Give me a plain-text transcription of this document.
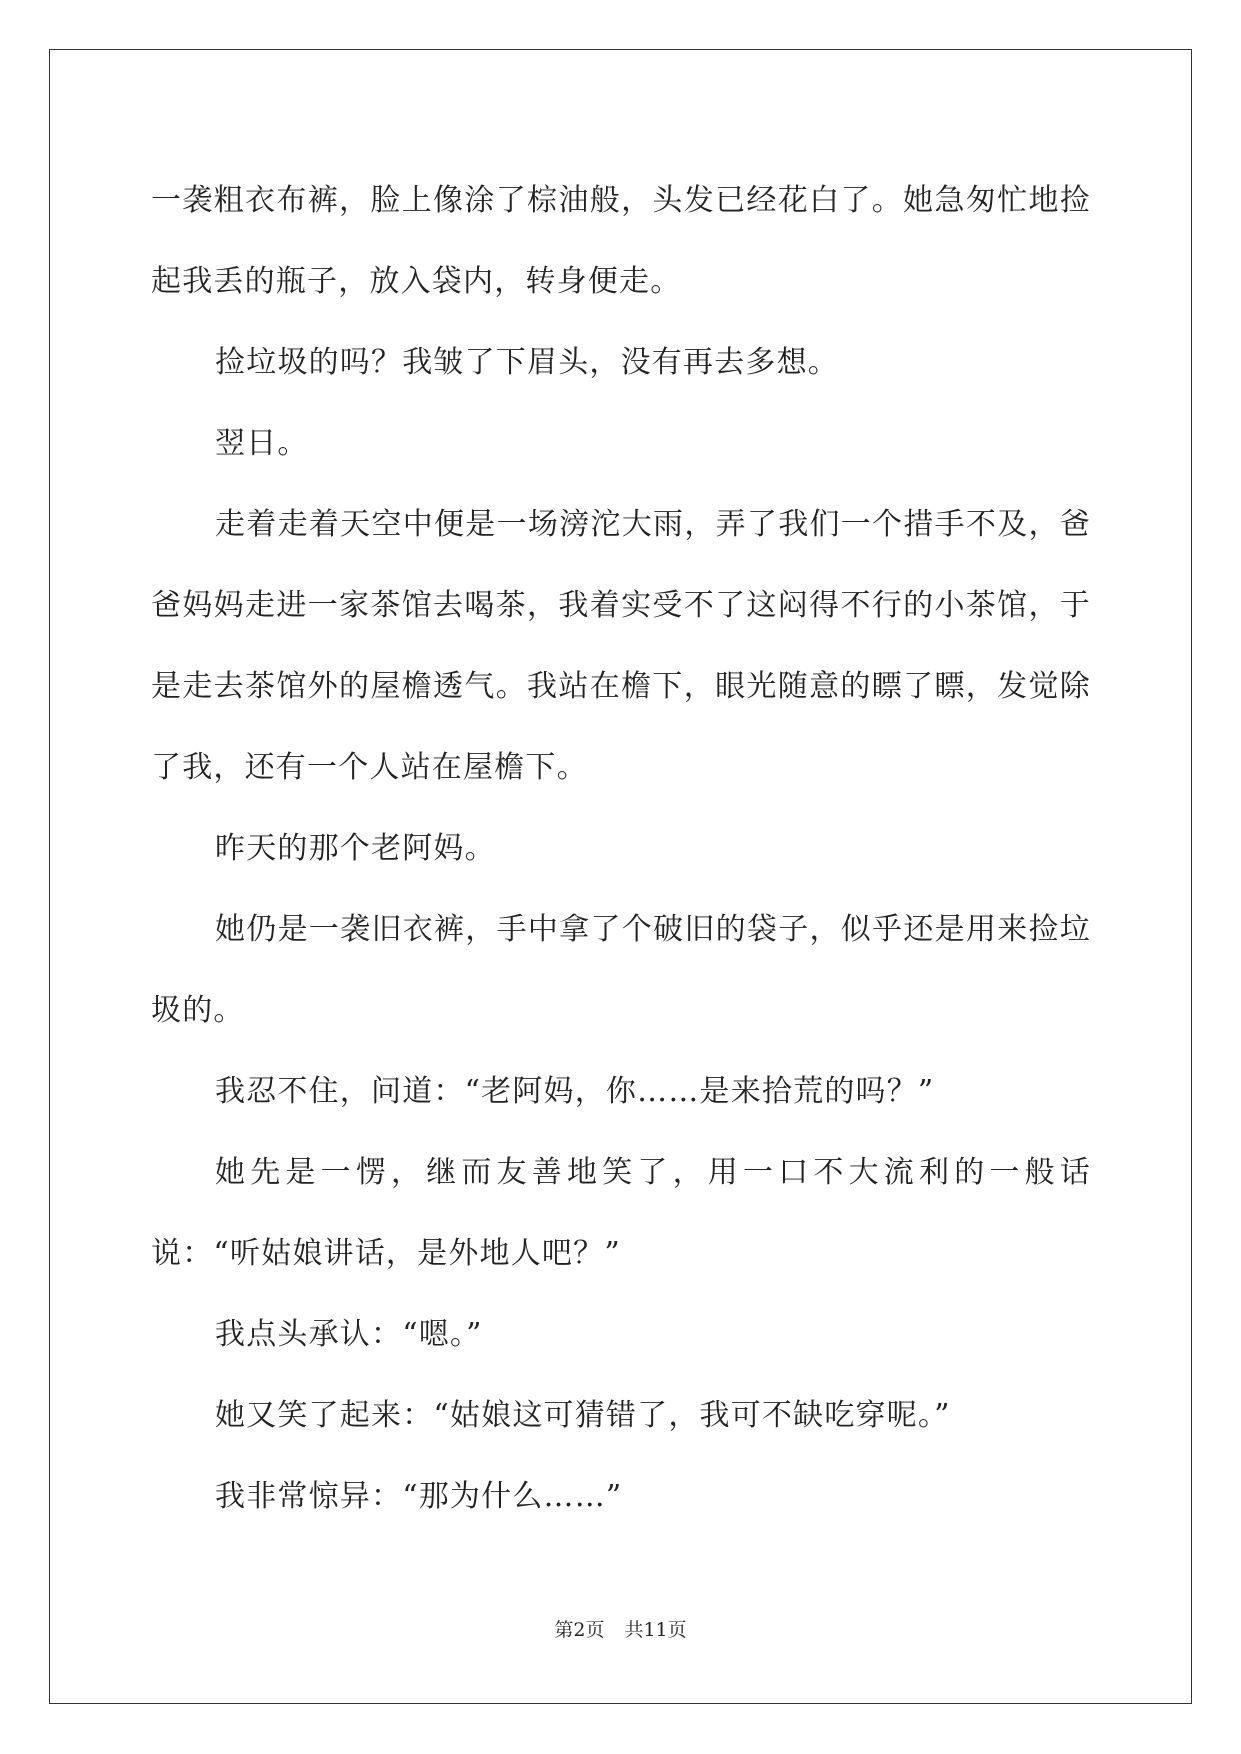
一袭粗衣布裤，脸上像涂了棕油般，头发已经花白了。她急匆忙地捡起我丢的瓶子，放入袋内，转身便走。

捡垃圾的吗？我皱了下眉头，没有再去多想。

翌日。

走着走着天空中便是一场滂沱大雨，弄了我们一个措手不及，爸爸妈妈走进一家茶馆去喝茶，我着实受不了这闷得不行的小茶馆，于是走去茶馆外的屋檐透气。我站在檐下，眼光随意的瞟了瞟，发觉除了我，还有一个人站在屋檐下。

昨天的那个老阿妈。

她仍是一袭旧衣裤，手中拿了个破旧的袋子，似乎还是用来捡垃圾的。

我忍不住，问道：“老阿妈，你……是来拾荒的吗？”

她先是一愣，继而友善地笑了，用一口不大流利的一般话说：“听姑娘讲话，是外地人吧？”

我点头承认：“嗯。”

她又笑了起来：“姑娘这可猜错了，我可不缺吃穿呢。”

我非常惊异：“那为什么……”

第2页 共11页
